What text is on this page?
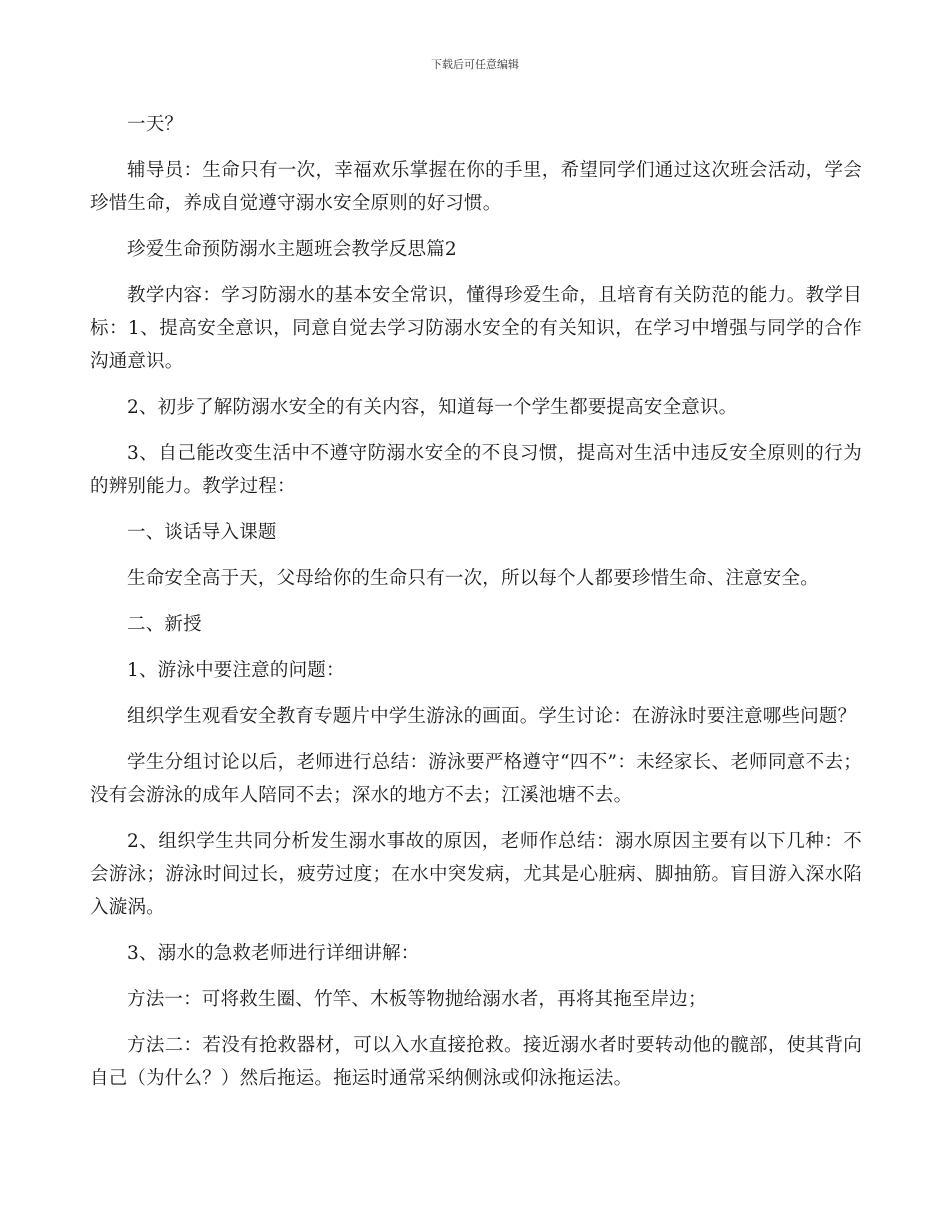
下载后可任意编辑

一天？

辅导员：生命只有一次，幸福欢乐掌握在你的手里，希望同学们通过这次班会活动，学会珍惜生命，养成自觉遵守溺水安全原则的好习惯。

珍爱生命预防溺水主题班会教学反思篇2

教学内容：学习防溺水的基本安全常识，懂得珍爱生命，且培育有关防范的能力。教学目标：1、提高安全意识，同意自觉去学习防溺水安全的有关知识，在学习中增强与同学的合作沟通意识。

2、初步了解防溺水安全的有关内容，知道每一个学生都要提高安全意识。

3、自己能改变生活中不遵守防溺水安全的不良习惯，提高对生活中违反安全原则的行为的辨别能力。教学过程：

一、谈话导入课题

生命安全高于天，父母给你的生命只有一次，所以每个人都要珍惜生命、注意安全。

二、新授

1、游泳中要注意的问题：

组织学生观看安全教育专题片中学生游泳的画面。学生讨论：在游泳时要注意哪些问题？

学生分组讨论以后，老师进行总结：游泳要严格遵守“四不”：未经家长、老师同意不去；没有会游泳的成年人陪同不去；深水的地方不去；江溪池塘不去。

2、组织学生共同分析发生溺水事故的原因，老师作总结：溺水原因主要有以下几种：不会游泳；游泳时间过长，疲劳过度；在水中突发病，尤其是心脏病、脚抽筋。盲目游入深水陷入漩涡。

3、溺水的急救老师进行详细讲解：

方法一：可将救生圈、竹竿、木板等物抛给溺水者，再将其拖至岸边；

方法二：若没有抢救器材，可以入水直接抢救。接近溺水者时要转动他的髋部，使其背向自己（为什么？）然后拖运。拖运时通常采纳侧泳或仰泳拖运法。
